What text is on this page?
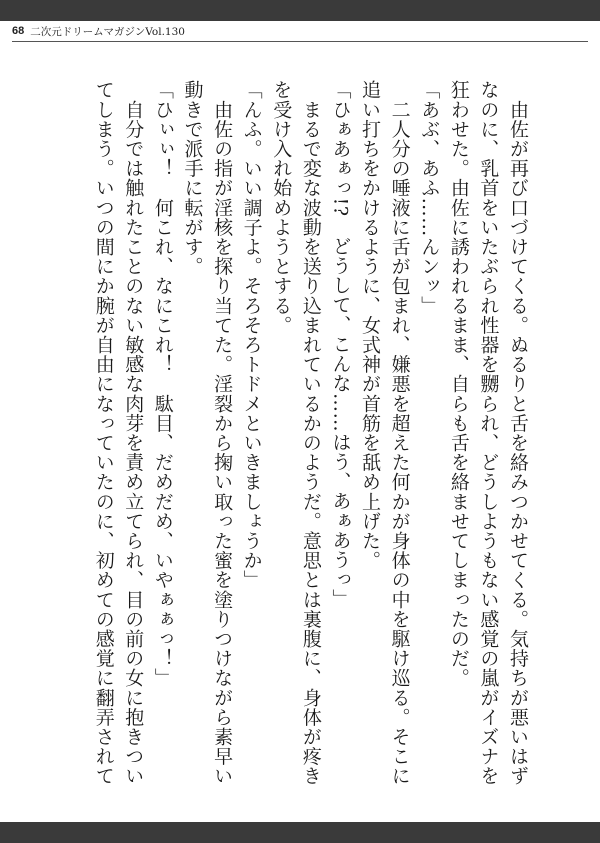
68 二次元ドリームマガジンVol.130

　由佐が再び口づけてくる。ぬるりと舌を絡みつかせてくる。気持ちが悪いはず

なのに、乳首をいたぶられ性器を嬲られ、どうしようもない感覚の嵐がイズナを

狂わせた。由佐に誘われるまま、自らも舌を絡ませてしまったのだ。

「あぶ、あふ……んンッ」

　二人分の唾液に舌が包まれ、嫌悪を超えた何かが身体の中を駆け巡る。そこに

追い打ちをかけるように、女式神が首筋を舐め上げた。

「ひぁあぁっ!?　どうして、こんな……はう、あぁあうっ」

　まるで変な波動を送り込まれているかのようだ。意思とは裏腹に、身体が疼き

を受け入れ始めようとする。

「んふ。いい調子よ。そろそろトドメといきましょうか」

　由佐の指が淫核を探り当てた。淫裂から掬い取った蜜を塗りつけながら素早い

動きで派手に転がす。

「ひぃぃ！　何これ、なにこれ！　駄目、だめだめ、いやぁぁっ！」

　自分では触れたことのない敏感な肉芽を責め立てられ、目の前の女に抱きつい

てしまう。いつの間にか腕が自由になっていたのに、初めての感覚に翻弄されて
